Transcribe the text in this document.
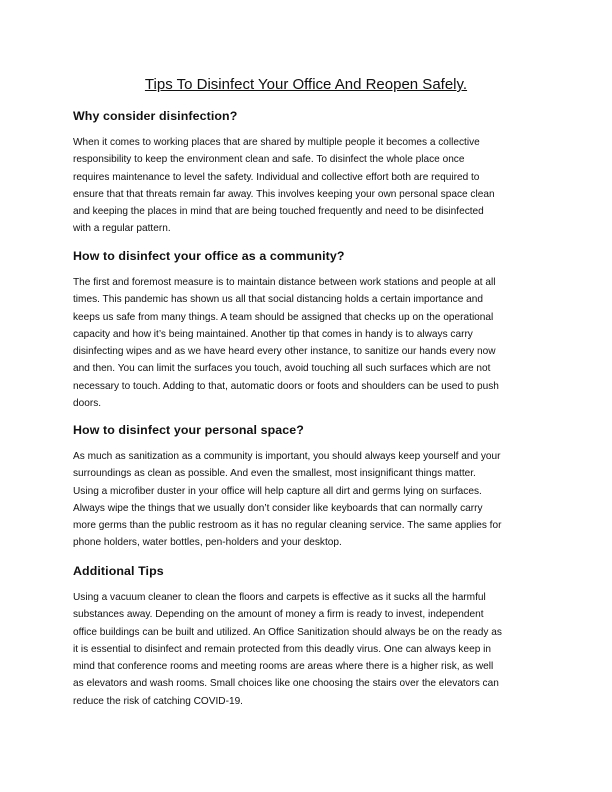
Tips To Disinfect Your Office And Reopen Safely.
Why consider disinfection?
When it comes to working places that are shared by multiple people it becomes a collective
responsibility to keep the environment clean and safe. To disinfect the whole place once
requires maintenance to level the safety. Individual and collective effort both are required to
ensure that that threats remain far away. This involves keeping your own personal space clean
and keeping the places in mind that are being touched frequently and need to be disinfected
with a regular pattern.
How to disinfect your office as a community?
The first and foremost measure is to maintain distance between work stations and people at all
times. This pandemic has shown us all that social distancing holds a certain importance and
keeps us safe from many things. A team should be assigned that checks up on the operational
capacity and how it’s being maintained. Another tip that comes in handy is to always carry
disinfecting wipes and as we have heard every other instance, to sanitize our hands every now
and then. You can limit the surfaces you touch, avoid touching all such surfaces which are not
necessary to touch. Adding to that, automatic doors or foots and shoulders can be used to push
doors.
How to disinfect your personal space?
As much as sanitization as a community is important, you should always keep yourself and your
surroundings as clean as possible. And even the smallest, most insignificant things matter.
Using a microfiber duster in your office will help capture all dirt and germs lying on surfaces.
Always wipe the things that we usually don’t consider like keyboards that can normally carry
more germs than the public restroom as it has no regular cleaning service. The same applies for
phone holders, water bottles, pen-holders and your desktop.
Additional Tips
Using a vacuum cleaner to clean the floors and carpets is effective as it sucks all the harmful
substances away. Depending on the amount of money a firm is ready to invest, independent
office buildings can be built and utilized. An Office Sanitization should always be on the ready as
it is essential to disinfect and remain protected from this deadly virus. One can always keep in
mind that conference rooms and meeting rooms are areas where there is a higher risk, as well
as elevators and wash rooms. Small choices like one choosing the stairs over the elevators can
reduce the risk of catching COVID-19.
